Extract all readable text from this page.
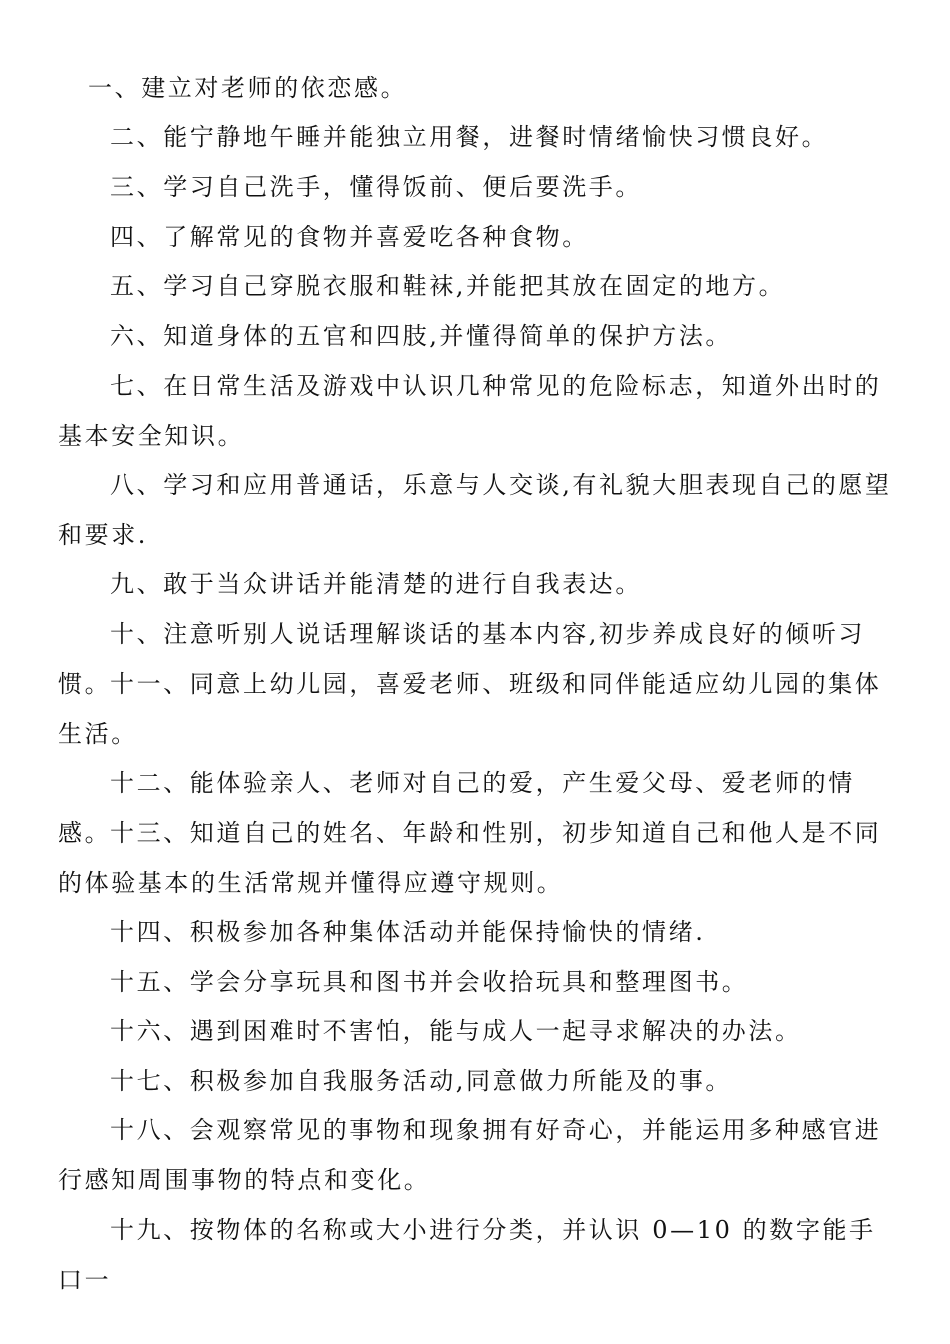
一、建立对老师的依恋感。

二、能宁静地午睡并能独立用餐，进餐时情绪愉快习惯良好。

三、学习自己洗手，懂得饭前、便后要洗手。

四、了解常见的食物并喜爱吃各种食物。

五、学习自己穿脱衣服和鞋袜,并能把其放在固定的地方。

六、知道身体的五官和四肢,并懂得简单的保护方法。

七、在日常生活及游戏中认识几种常见的危险标志，知道外出时的基本安全知识。

八、学习和应用普通话，乐意与人交谈,有礼貌大胆表现自己的愿望和要求.

九、敢于当众讲话并能清楚的进行自我表达。

十、注意听别人说话理解谈话的基本内容,初步养成良好的倾听习惯。

十一、同意上幼儿园，喜爱老师、班级和同伴能适应幼儿园的集体生活。

十二、能体验亲人、老师对自己的爱，产生爱父母、爱老师的情感。

十三、知道自己的姓名、年龄和性别，初步知道自己和他人是不同的体验基本的生活常规并懂得应遵守规则。

十四、积极参加各种集体活动并能保持愉快的情绪.

十五、学会分享玩具和图书并会收拾玩具和整理图书。

十六、遇到困难时不害怕，能与成人一起寻求解决的办法。

十七、积极参加自我服务活动,同意做力所能及的事。

十八、会观察常见的事物和现象拥有好奇心，并能运用多种感官进行感知周围事物的特点和变化。

十九、按物体的名称或大小进行分类，并认识 0—10 的数字能手口一
